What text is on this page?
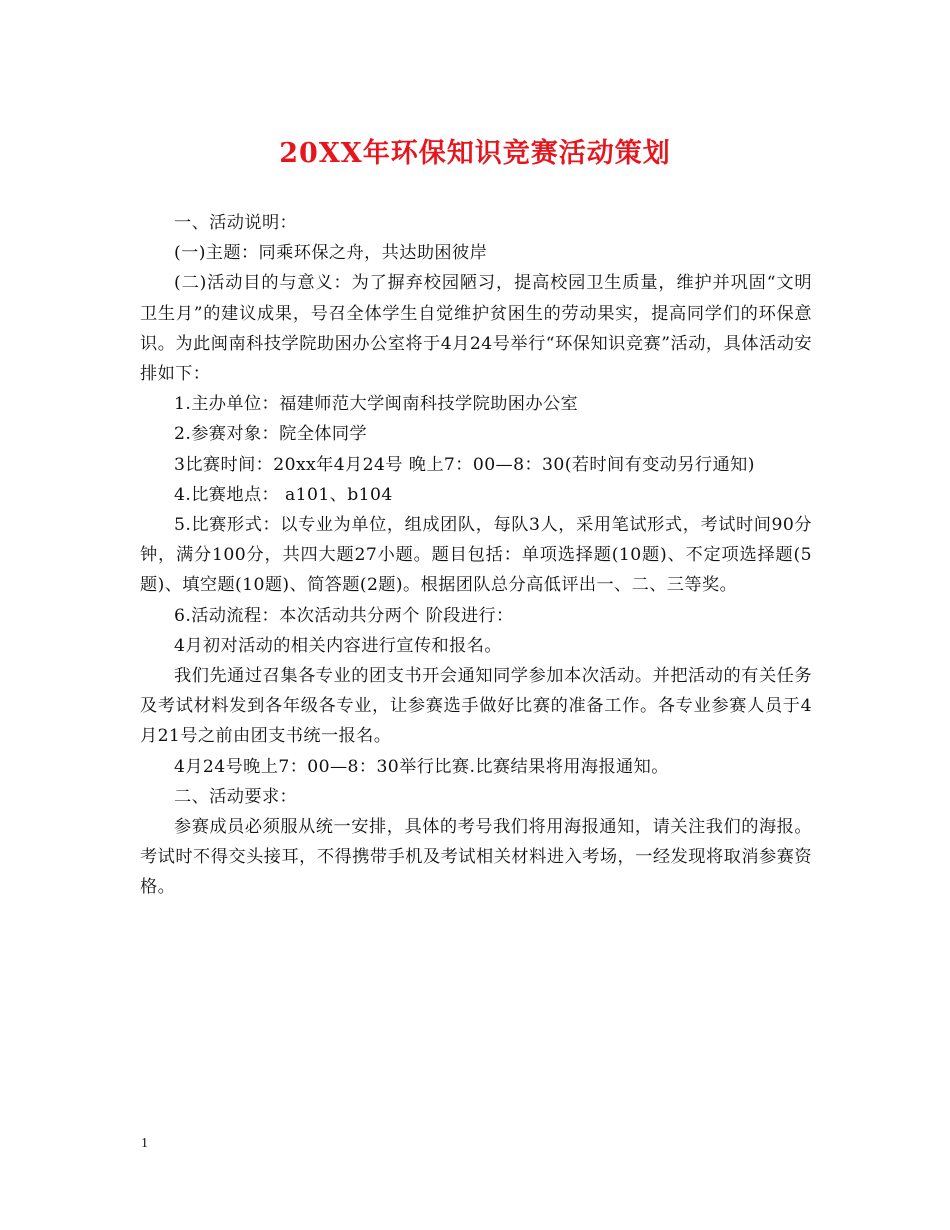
20XX年环保知识竞赛活动策划

一、活动说明：

(一)主题：同乘环保之舟，共达助困彼岸

(二)活动目的与意义：为了摒弃校园陋习，提高校园卫生质量，维护并巩固“文明卫生月”的建议成果，号召全体学生自觉维护贫困生的劳动果实，提高同学们的环保意识。为此闽南科技学院助困办公室将于4月24号举行“环保知识竞赛”活动，具体活动安排如下：

1.主办单位：福建师范大学闽南科技学院助困办公室

2.参赛对象：院全体同学

3比赛时间：20xx年4月24号 晚上7：00—8：30(若时间有变动另行通知)

4.比赛地点： a101、b104

5.比赛形式：以专业为单位，组成团队，每队3人，采用笔试形式，考试时间90分钟，满分100分，共四大题27小题。题目包括：单项选择题(10题)、不定项选择题(5题)、填空题(10题)、简答题(2题)。根据团队总分高低评出一、二、三等奖。

6.活动流程：本次活动共分两个 阶段进行：

4月初对活动的相关内容进行宣传和报名。

我们先通过召集各专业的团支书开会通知同学参加本次活动。并把活动的有关任务及考试材料发到各年级各专业，让参赛选手做好比赛的准备工作。各专业参赛人员于4月21号之前由团支书统一报名。

4月24号晚上7：00—8：30举行比赛.比赛结果将用海报通知。

二、活动要求：

参赛成员必须服从统一安排，具体的考号我们将用海报通知，请关注我们的海报。考试时不得交头接耳，不得携带手机及考试相关材料进入考场，一经发现将取消参赛资格。

1
